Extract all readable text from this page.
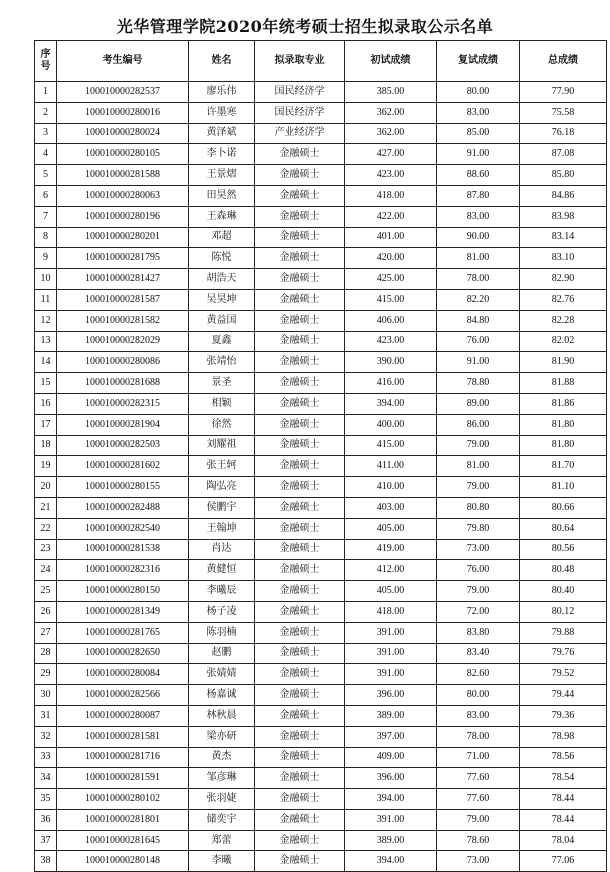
光华管理学院2020年统考硕士招生拟录取公示名单
序
号	考生编号	姓名	拟录取专业	初试成绩	复试成绩	总成绩
1	100010000282537	廖乐伟	国民经济学	385.00	80.00	77.90
2	100010000280016	许墨寒	国民经济学	362.00	83.00	75.58
3	100010000280024	黄泽斌	产业经济学	362.00	85.00	76.18
4	100010000280105	李卜诺	金融硕士	427.00	91.00	87.08
5	100010000281588	王景熠	金融硕士	423.00	88.60	85.80
6	100010000280063	田昊然	金融硕士	418.00	87.80	84.86
7	100010000280196	王森琳	金融硕士	422.00	83.00	83.98
8	100010000280201	邓超	金融硕士	401.00	90.00	83.14
9	100010000281795	陈悦	金融硕士	420.00	81.00	83.10
10	100010000281427	胡浩天	金融硕士	425.00	78.00	82.90
11	100010000281587	吴昊坤	金融硕士	415.00	82.20	82.76
12	100010000281582	黄益国	金融硕士	406.00	84.80	82.28
13	100010000282029	夏鑫	金融硕士	423.00	76.00	82.02
14	100010000280086	张靖怡	金融硕士	390.00	91.00	81.90
15	100010000281688	景圣	金融硕士	416.00	78.80	81.88
16	100010000282315	相颖	金融硕士	394.00	89.00	81.86
17	100010000281904	徐然	金融硕士	400.00	86.00	81.80
18	100010000282503	刘耀祖	金融硕士	415.00	79.00	81.80
19	100010000281602	张王轲	金融硕士	411.00	81.00	81.70
20	100010000280155	陶弘亮	金融硕士	410.00	79.00	81.10
21	100010000282488	侯鹏宇	金融硕士	403.00	80.80	80.66
22	100010000282540	王翰坤	金融硕士	405.00	79.80	80.64
23	100010000281538	肖达	金融硕士	419.00	73.00	80.56
24	100010000282316	黄健恒	金融硕士	412.00	76.00	80.48
25	100010000280150	李曦辰	金融硕士	405.00	79.00	80.40
26	100010000281349	杨子凌	金融硕士	418.00	72.00	80.12
27	100010000281765	陈羽楠	金融硕士	391.00	83.80	79.88
28	100010000282650	赵鹏	金融硕士	391.00	83.40	79.76
29	100010000280084	张婧婧	金融硕士	391.00	82.60	79.52
30	100010000282566	杨嘉诚	金融硕士	396.00	80.00	79.44
31	100010000280087	林秋晨	金融硕士	389.00	83.00	79.36
32	100010000281581	梁亦研	金融硕士	397.00	78.00	78.98
33	100010000281716	黄杰	金融硕士	409.00	71.00	78.56
34	100010000281591	邹彦琳	金融硕士	396.00	77.60	78.54
35	100010000280102	张羽婕	金融硕士	394.00	77.60	78.44
36	100010000281801	储奕宇	金融硕士	391.00	79.00	78.44
37	100010000281645	郑蕾	金融硕士	389.00	78.60	78.04
38	100010000280148	李曦	金融硕士	394.00	73.00	77.06
